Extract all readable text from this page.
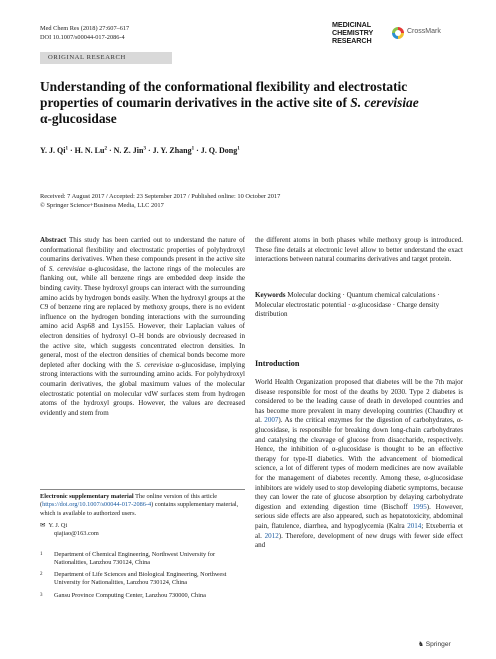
Med Chem Res (2018) 27:607–617
DOI 10.1007/s00044-017-2086-4
MEDICINAL
CHEMISTRY
RESEARCH
CrossMark
ORIGINAL RESEARCH
Understanding of the conformational flexibility and electrostatic
properties of coumarin derivatives in the active site of S. cerevisiae
α-glucosidase
Y. J. $Qi^1 \cdot H$. N. $Lu^2 \cdot N$. Z. Jin$^3$ · J. Y. Zhang$^1$ · J. Q. Dong$^1$
Received: 7 August 2017 / Accepted: 23 September 2017 / Published online: 10 October 2017
© Springer Science+Business Media, LLC 2017
Abstract This study has been carried out to understand the nature of conformational flexibility and electrostatic properties of polyhydroxyl coumarins derivatives. When these compounds present in the active site of S. cerevisiae α-glucosidase, the lactone rings of the molecules are flanking out, while all benzene rings are embedded deep inside the binding cavity. These hydroxyl groups can interact with the surrounding amino acids by hydrogen bonds easily. When the hydroxyl groups at the C9 of benzene ring are replaced by methoxy groups, there is no evident influence on the hydrogen bonding interactions with the surrounding amino acid Asp68 and Lys155. However, their Laplacian values of electron densities of hydroxyl O–H bonds are obviously decreased in the active site, which suggests concentrated electron densities. In general, most of the electron densities of chemical bonds become more depleted after docking with the S. cerevisiae α-glucosidase, implying strong interactions with the surrounding amino acids. For polyhydroxyl coumarin derivatives, the global maximum values of the molecular electrostatic potential on molecular vdW surfaces stem from hydrogen atoms of the hydroxyl groups. However, the values are decreased evidently and stem from
Electronic supplementary material The online version of this article (https://doi.org/10.1007/s00044-017-2086-4) contains supplementary material, which is available to authorized users.
✉ Y. J. Qi
qiajiao@163.com
1 Department of Chemical Engineering, Northwest University for Nationalities, Lanzhou 730124, China
2 Department of Life Sciences and Biological Engineering, Northwest University for Nationalities, Lanzhou 730124, China
3 Gansu Province Computing Center, Lanzhou 730000, China
the different atoms in both phases while methoxy group is introduced. These fine details at electronic level allow to better understand the exact interactions between natural coumarins derivatives and target protein.
Keywords Molecular docking · Quantum chemical calculations · Molecular electrostatic potential · α-glucosidase · Charge density distribution
Introduction
World Health Organization proposed that diabetes will be the 7th major disease responsible for most of the deaths by 2030. Type 2 diabetes is considered to be the leading cause of death in developed countries and has become more prevalent in many developing countries (Chaudhry et al. 2007). As the critical enzymes for the digestion of carbohydrates, α-glucosidase, is responsible for breaking down long-chain carbohydrates and catalysing the cleavage of glucose from disaccharide, respectively. Hence, the inhibition of α-glucosidase is thought to be an effective therapy for type-II diabetics. With the advancement of biomedical science, a lot of different types of modern medicines are now available for the management of diabetes recently. Among these, α-glucosidase inhibitors are widely used to stop developing diabetic symptoms, because they can lower the rate of glucose absorption by delaying carbohydrate digestion and extending digestion time (Bischoff 1995). However, serious side effects are also appeared, such as hepatotoxicity, abdominal pain, flatulence, diarrhea, and hypoglycemia (Kalra 2014; Etxeberria et al. 2012). Therefore, development of new drugs with fewer side effect and
♞ Springer
